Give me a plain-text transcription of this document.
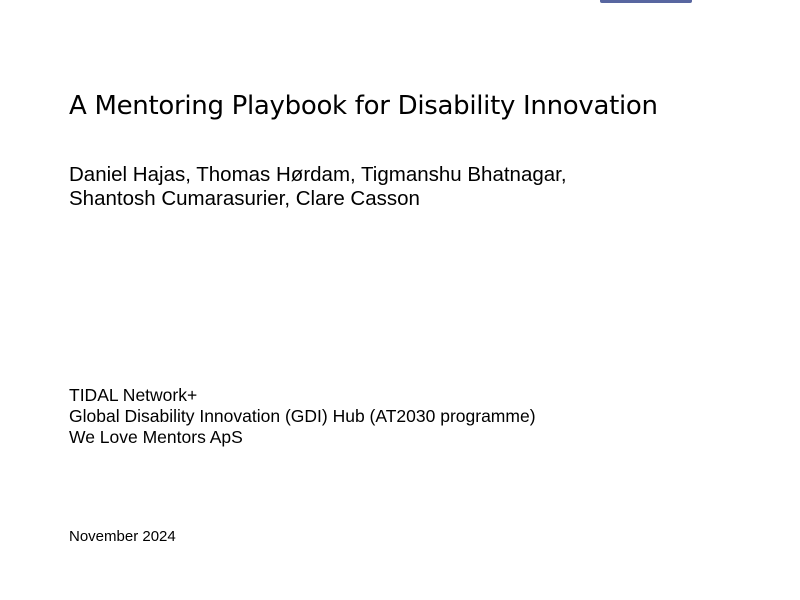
A Mentoring Playbook for Disability Innovation
Daniel Hajas, Thomas Hørdam, Tigmanshu Bhatnagar,
Shantosh Cumarasurier, Clare Casson
TIDAL Network+
Global Disability Innovation (GDI) Hub (AT2030 programme)
We Love Mentors ApS

November 2024
